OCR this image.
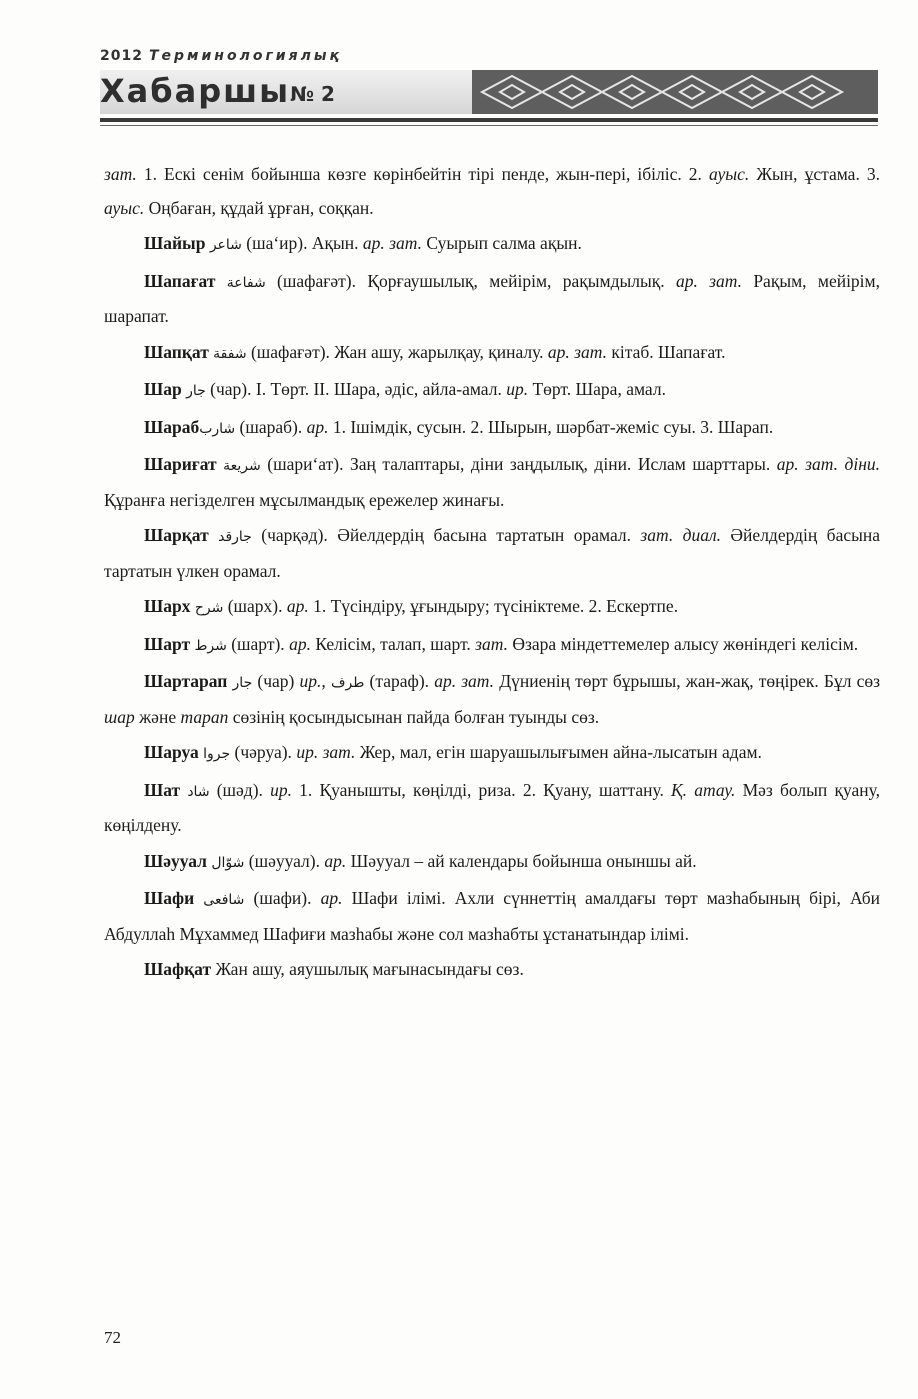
2012 Терминологиялық
Хабаршы № 2

зат. 1. Ескі сенім бойынша көзге көрінбейтін тірі пенде, жын-пері, ібіліс. 2. ауыс. Жын, ұстама. 3. ауыс. Оңбаған, құдай ұрған, соққан.

Шайыр شاعر (ша‘ир). Ақын. ар. зат. Суырып салма ақын.

Шапағат شفاعة (шафағәт). Қорғаушылық, мейірім, рақымдылық. ар. зат. Рақым, мейірім, шарапат.

Шапқат شفقة (шафағәт). Жан ашу, жарылқау, қиналу. ар. зат. кітаб. Шапағат.

Шар جار (чар). І. Төрт. ІІ. Шара, әдіс, айла-амал. ир. Төрт. Шара, амал.

Шарабشارب (шараб). ар. 1. Ішімдік, сусын. 2. Шырын, шәрбат-жеміс суы. 3. Шарап.

Шариғат شريعة (шари‘ат). Заң талаптары, діни заңдылық, діни. Ислам шарттары. ар. зат. діни. Құранға негізделген мұсылмандық ережелер жинағы.

Шарқат جارقد (чарқәд). Әйелдердің басына тартатын орамал. зат. диал. Әйелдердің басына тартатын үлкен орамал.

Шарх شرح (шарх). ар. 1. Түсіндіру, ұғындыру; түсініктеме. 2. Ескертпе.

Шарт شرط (шарт). ар. Келісім, талап, шарт. зат. Өзара міндеттемелер алысу жөніндегі келісім.

Шартарап جار (чар) ир., طرف (тараф). ар. зат. Дүниенің төрт бұрышы, жан-жақ, төңірек. Бұл сөз шар және тарап сөзінің қосындысынан пайда болған туынды сөз.

Шаруа جروا (чәруа). ир. зат. Жер, мал, егін шаруашылығымен айна-лысатын адам.

Шат شاد (шәд). ир. 1. Қуанышты, көңілді, риза. 2. Қуану, шаттану. Қ. атау. Мәз болып қуану, көңілдену.

Шәууал شوّال (шәууал). ар. Шәууал – ай календары бойынша оныншы ай.

Шафи شافعى (шафи). ар. Шафи ілімі. Ахли сүннеттің амалдағы төрт мазһабының бірі, Аби Абдуллаһ Мұхаммед Шафиғи мазһабы және сол мазһабты ұстанатындар ілімі.

Шафқат Жан ашу, аяушылық мағынасындағы сөз.

72
